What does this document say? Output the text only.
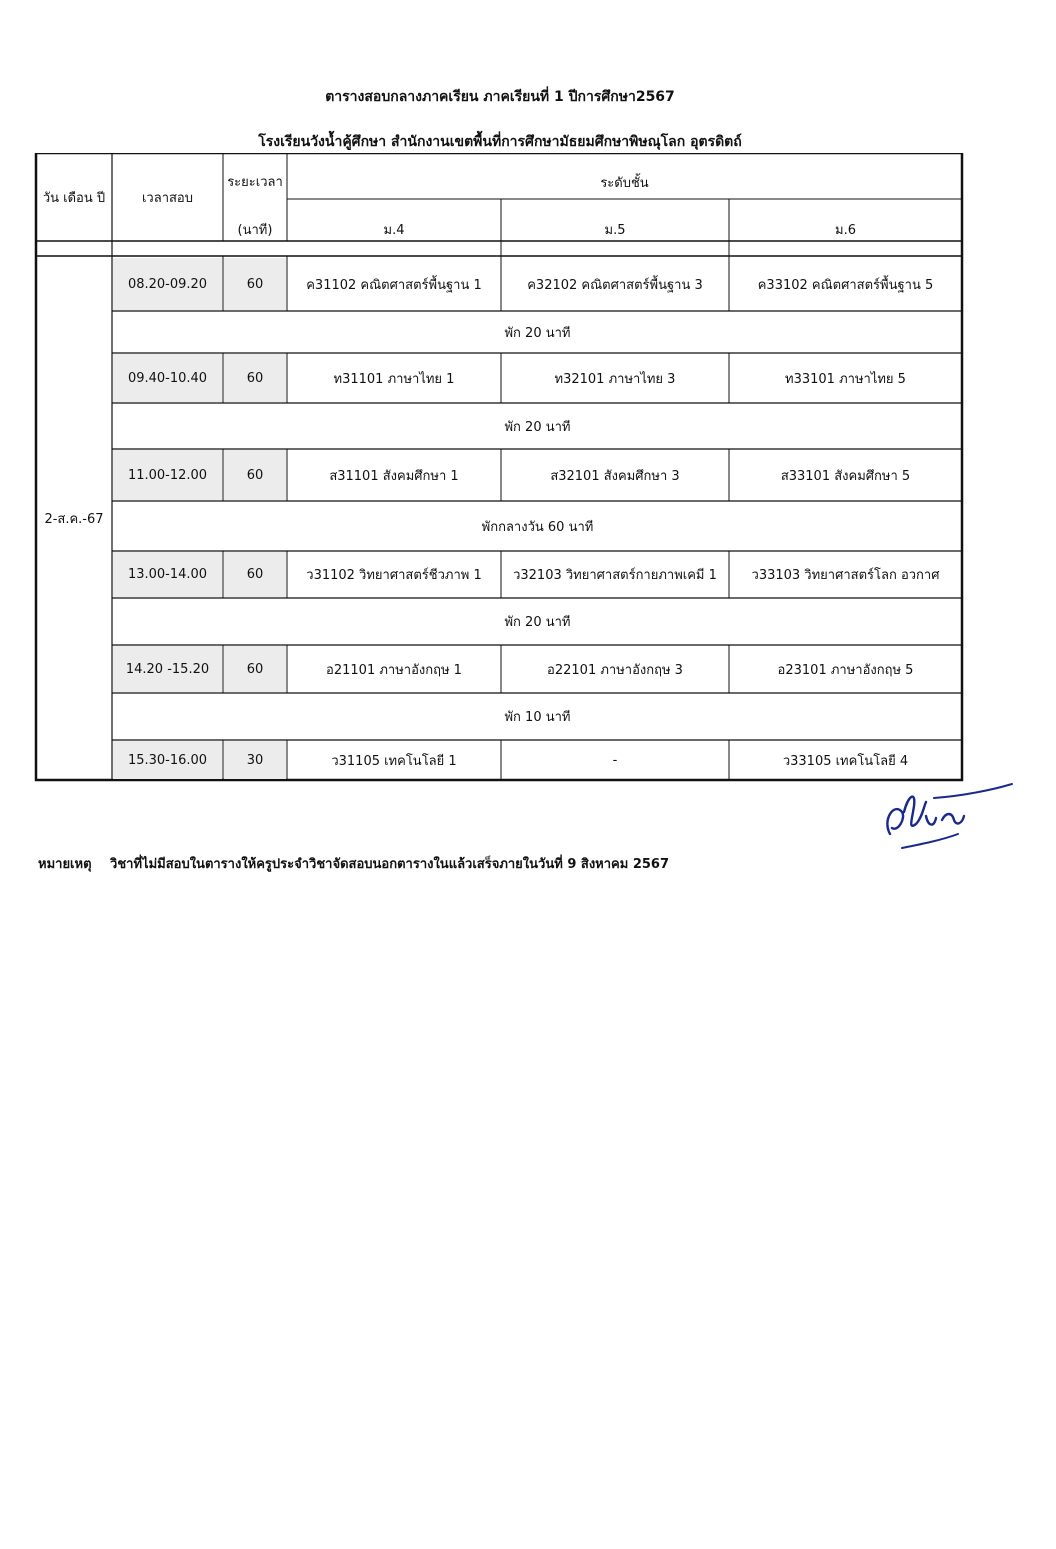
ตารางสอบกลางภาคเรียน ภาคเรียนที่ 1 ปีการศึกษา2567
โรงเรียนวังน้ำคู้ศึกษา สำนักงานเขตพื้นที่การศึกษามัธยมศึกษาพิษณุโลก อุตรดิตถ์
วัน เดือน ปี	เวลาสอบ
ระยะเวลา
(นาที)
ระดับชั้น
ม.4	ม.5	ม.6
2-ส.ค.-67
08.20-09.20	60	ค31102 คณิตศาสตร์พื้นฐาน 1	ค32102 คณิตศาสตร์พื้นฐาน 3	ค33102 คณิตศาสตร์พื้นฐาน 5
พัก 20 นาที
09.40-10.40	60	ท31101 ภาษาไทย 1	ท32101 ภาษาไทย 3	ท33101 ภาษาไทย 5
พัก 20 นาที
11.00-12.00	60	ส31101 สังคมศึกษา 1	ส32101 สังคมศึกษา 3	ส33101 สังคมศึกษา 5
พักกลางวัน 60 นาที
13.00-14.00	60	ว31102 วิทยาศาสตร์ชีวภาพ 1	ว32103 วิทยาศาสตร์กายภาพเคมี 1	ว33103 วิทยาศาสตร์โลก อวกาศ
พัก 20 นาที
14.20 -15.20	60	อ21101 ภาษาอังกฤษ 1	อ22101 ภาษาอังกฤษ 3	อ23101 ภาษาอังกฤษ 5
พัก 10 นาที
15.30-16.00	30	ว31105 เทคโนโลยี 1	-	ว33105 เทคโนโลยี 4
หมายเหตุ วิชาที่ไม่มีสอบในตารางให้ครูประจำวิชาจัดสอบนอกตารางในแล้วเสร็จภายในวันที่ 9 สิงหาคม 2567
